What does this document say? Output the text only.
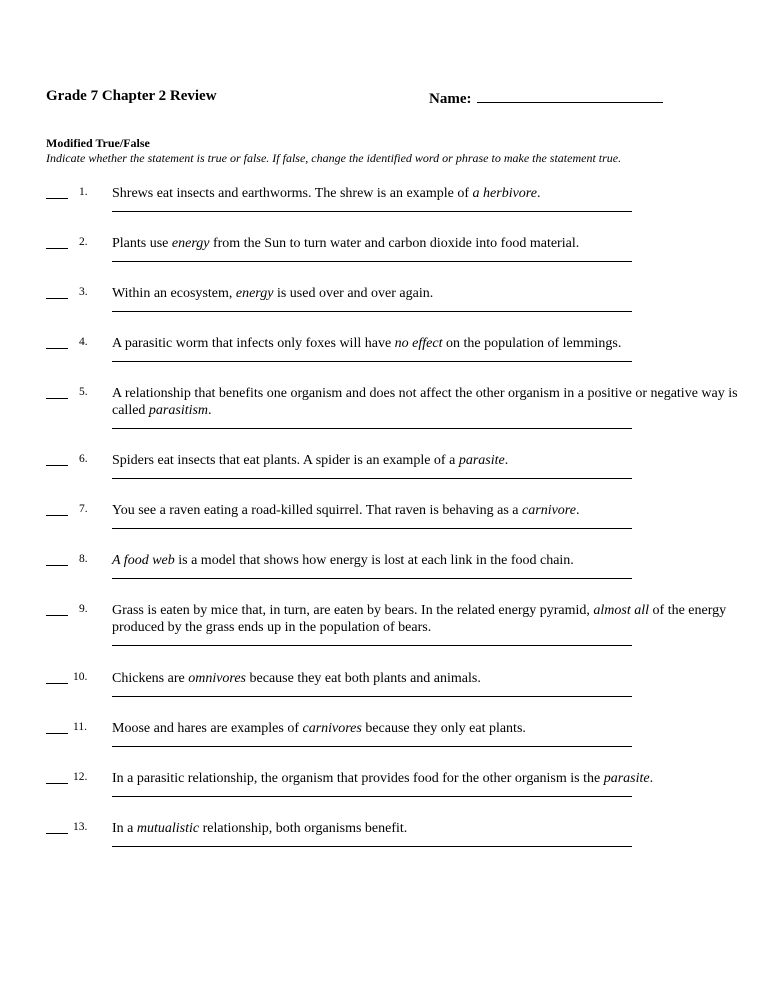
Grade 7 Chapter 2 Review	Name:
Modified True/False
Indicate whether the statement is true or false. If false, change the identified word or phrase to make the statement true.
1.	Shrews eat insects and earthworms. The shrew is an example of a herbivore.
2.	Plants use energy from the Sun to turn water and carbon dioxide into food material.
3.	Within an ecosystem, energy is used over and over again.
4.	A parasitic worm that infects only foxes will have no effect on the population of lemmings.
5.	A relationship that benefits one organism and does not affect the other organism in a positive or negative way is called parasitism.
6.	Spiders eat insects that eat plants. A spider is an example of a parasite.
7.	You see a raven eating a road-killed squirrel. That raven is behaving as a carnivore.
8.	A food web is a model that shows how energy is lost at each link in the food chain.
9.	Grass is eaten by mice that, in turn, are eaten by bears. In the related energy pyramid, almost all of the energy produced by the grass ends up in the population of bears.
10.	Chickens are omnivores because they eat both plants and animals.
11.	Moose and hares are examples of carnivores because they only eat plants.
12.	In a parasitic relationship, the organism that provides food for the other organism is the parasite.
13.	In a mutualistic relationship, both organisms benefit.
